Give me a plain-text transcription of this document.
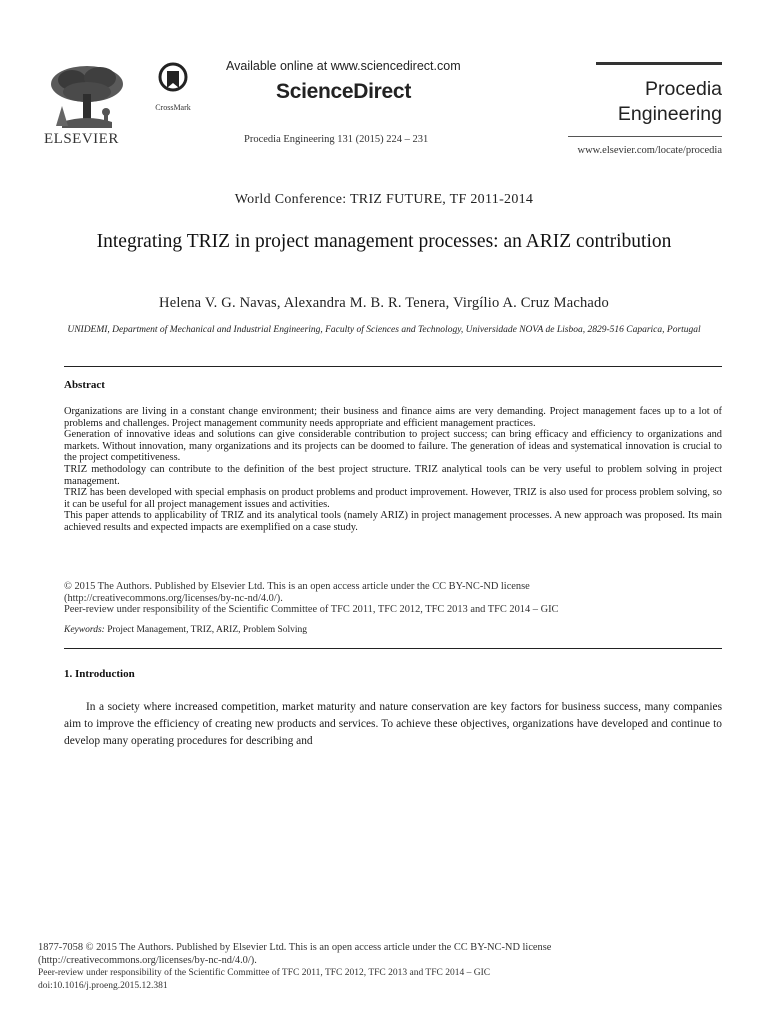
ELSEVIER
CrossMark
Available online at www.sciencedirect.com
ScienceDirect
Procedia Engineering 131 (2015) 224 – 231
Procedia
Engineering
www.elsevier.com/locate/procedia
World Conference: TRIZ FUTURE, TF 2011-2014
Integrating TRIZ in project management processes: an ARIZ contribution
Helena V. G. Navas, Alexandra M. B. R. Tenera, Virgílio A. Cruz Machado
UNIDEMI, Department of Mechanical and Industrial Engineering, Faculty of Sciences and Technology, Universidade NOVA de Lisboa, 2829-516 Caparica, Portugal
Abstract

Organizations are living in a constant change environment; their business and finance aims are very demanding. Project management faces up to a lot of problems and challenges. Project management community needs appropriate and efficient management practices.

Generation of innovative ideas and solutions can give considerable contribution to project success; can bring efficacy and efficiency to organizations and markets. Without innovation, many organizations and its projects can be doomed to failure. The generation of ideas and systematical innovation is crucial to the project competitiveness.

TRIZ methodology can contribute to the definition of the best project structure. TRIZ analytical tools can be very useful to problem solving in project management.

TRIZ has been developed with special emphasis on product problems and product improvement. However, TRIZ is also used for process problem solving, so it can be useful for all project management issues and activities.

This paper attends to applicability of TRIZ and its analytical tools (namely ARIZ) in project management processes. A new approach was proposed. Its main achieved results and expected impacts are exemplified on a case study.

© 2015 The Authors. Published by Elsevier Ltd. This is an open access article under the CC BY-NC-ND license

(http://creativecommons.org/licenses/by-nc-nd/4.0/).

Peer-review under responsibility of the Scientific Committee of TFC 2011, TFC 2012, TFC 2013 and TFC 2014 – GIC

Keywords: Project Management, TRIZ, ARIZ, Problem Solving
1. Introduction

In a society where increased competition, market maturity and nature conservation are key factors for business success, many companies aim to improve the efficiency of creating new products and services. To achieve these objectives, organizations have developed and continue to develop many operating procedures for describing and

1877-7058 © 2015 The Authors. Published by Elsevier Ltd. This is an open access article under the CC BY-NC-ND license

(http://creativecommons.org/licenses/by-nc-nd/4.0/).

Peer-review under responsibility of the Scientific Committee of TFC 2011, TFC 2012, TFC 2013 and TFC 2014 – GIC

doi:10.1016/j.proeng.2015.12.381
